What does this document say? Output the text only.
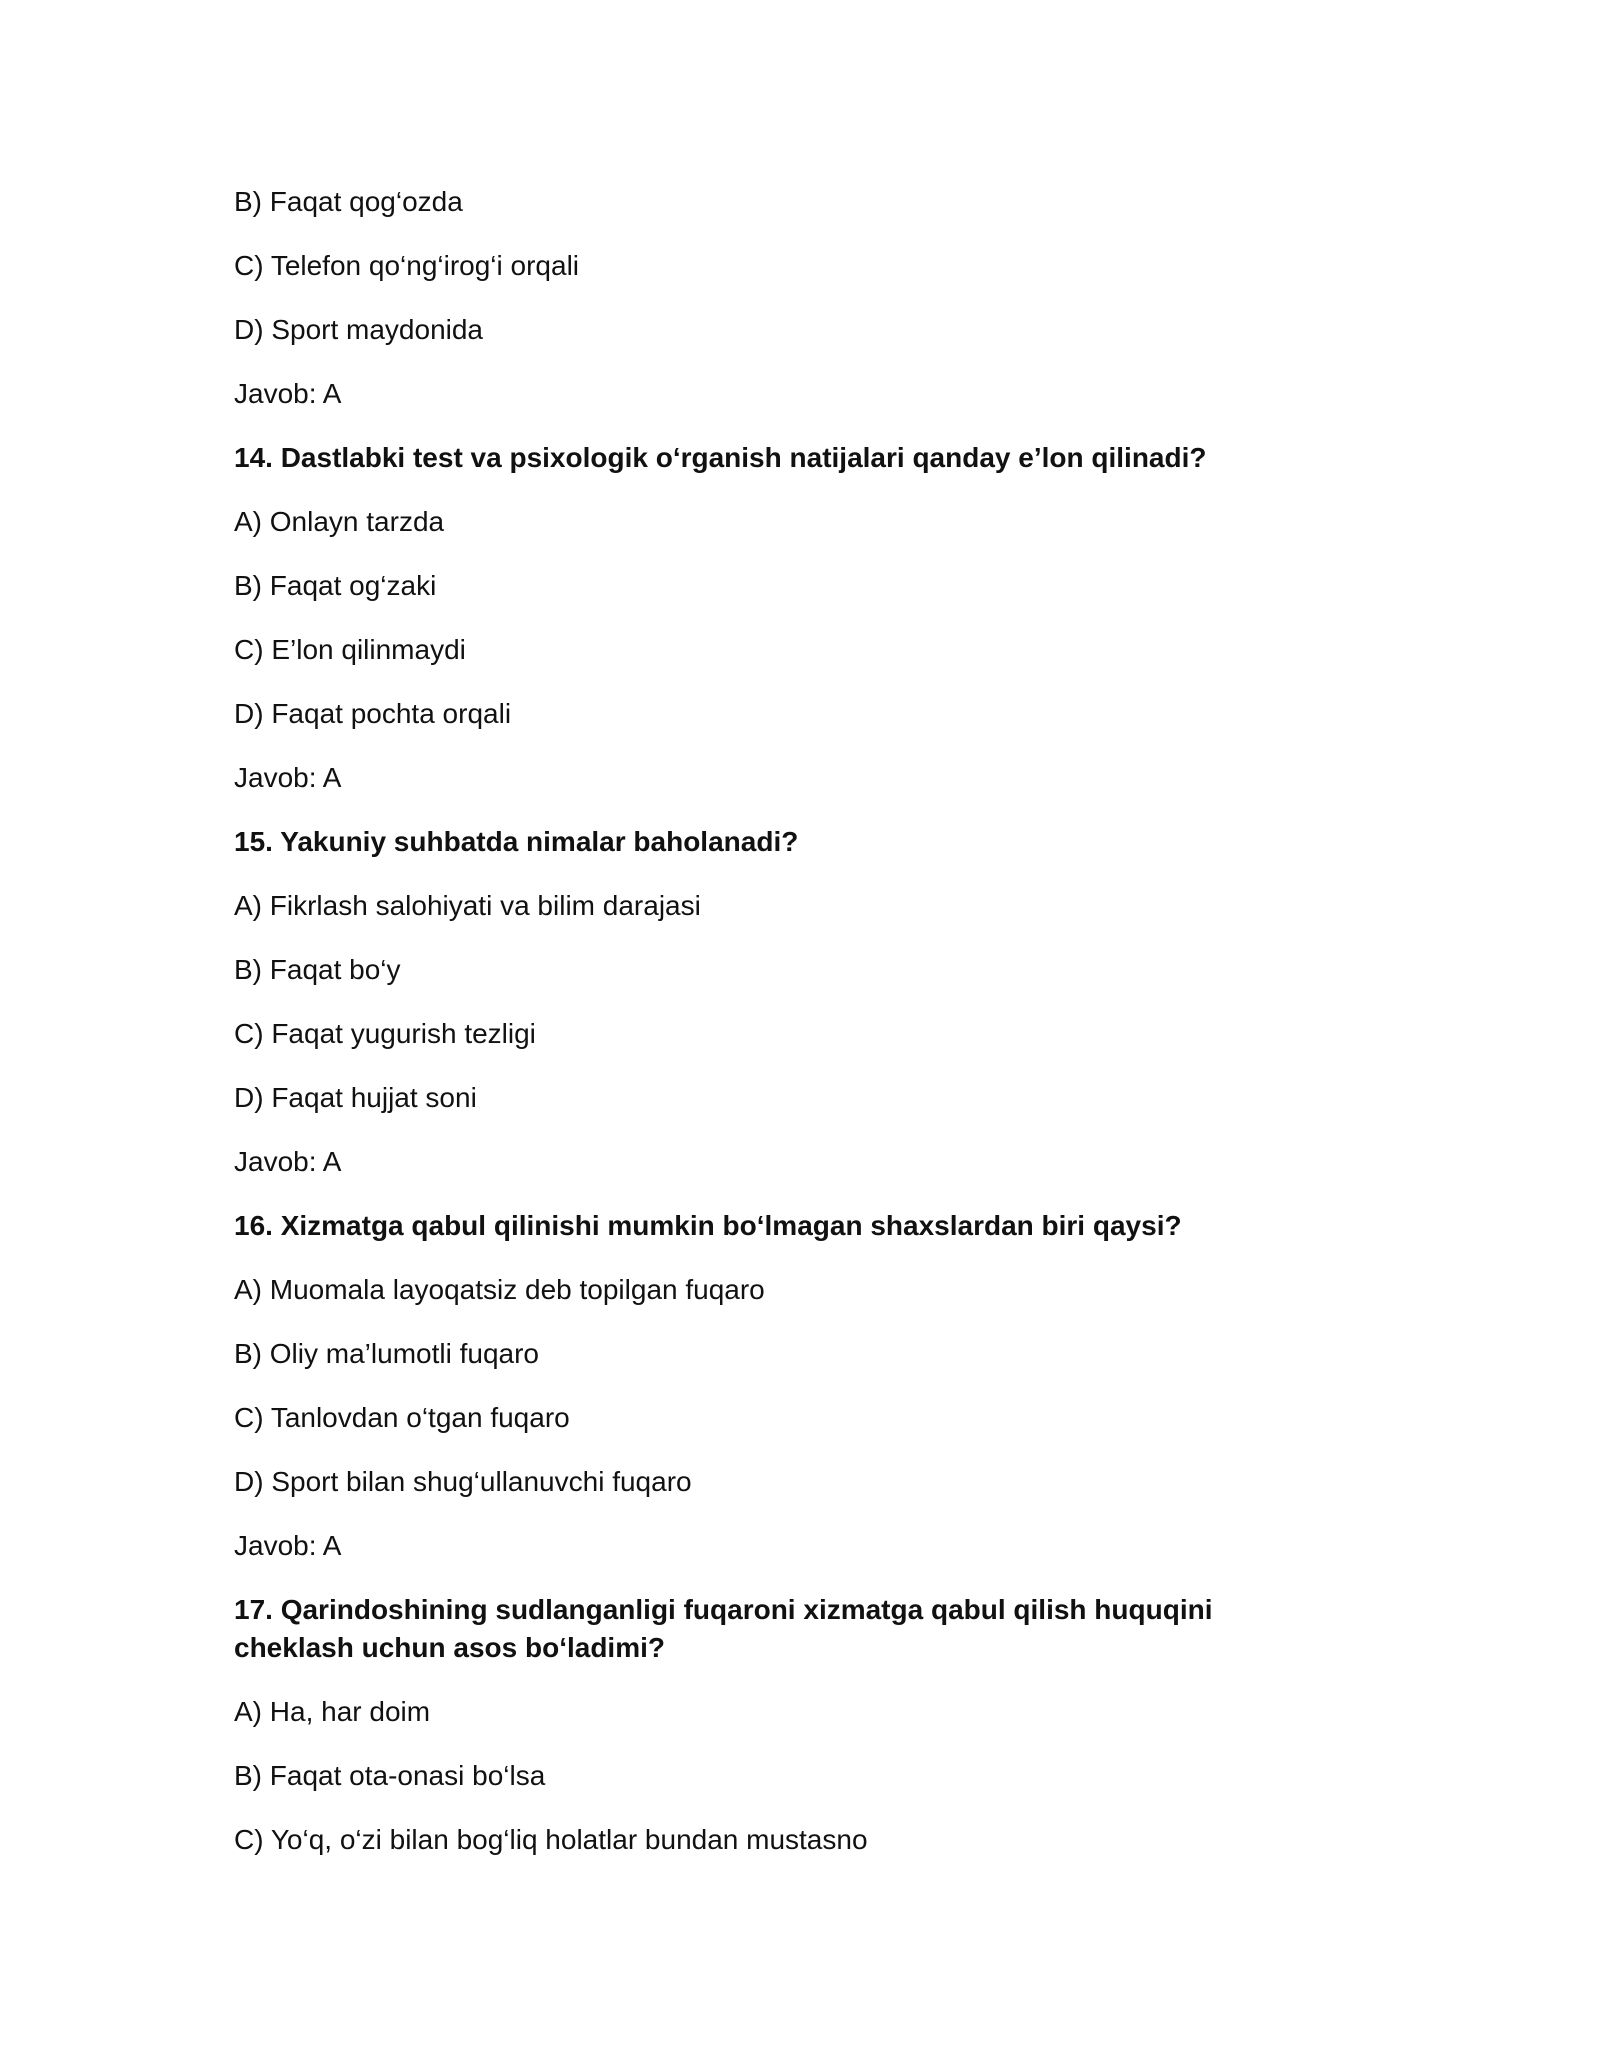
B) Faqat qog‘ozda

C) Telefon qo‘ng‘irog‘i orqali

D) Sport maydonida

Javob: A

14. Dastlabki test va psixologik o‘rganish natijalari qanday e’lon qilinadi?

A) Onlayn tarzda

B) Faqat og‘zaki

C) E’lon qilinmaydi

D) Faqat pochta orqali

Javob: A

15. Yakuniy suhbatda nimalar baholanadi?

A) Fikrlash salohiyati va bilim darajasi

B) Faqat bo‘y

C) Faqat yugurish tezligi

D) Faqat hujjat soni

Javob: A

16. Xizmatga qabul qilinishi mumkin bo‘lmagan shaxslardan biri qaysi?

A) Muomala layoqatsiz deb topilgan fuqaro

B) Oliy ma’lumotli fuqaro

C) Tanlovdan o‘tgan fuqaro

D) Sport bilan shug‘ullanuvchi fuqaro

Javob: A

17. Qarindoshining sudlanganligi fuqaroni xizmatga qabul qilish huquqini cheklash uchun asos bo‘ladimi?

A) Ha, har doim

B) Faqat ota-onasi bo‘lsa

C) Yo‘q, o‘zi bilan bog‘liq holatlar bundan mustasno
